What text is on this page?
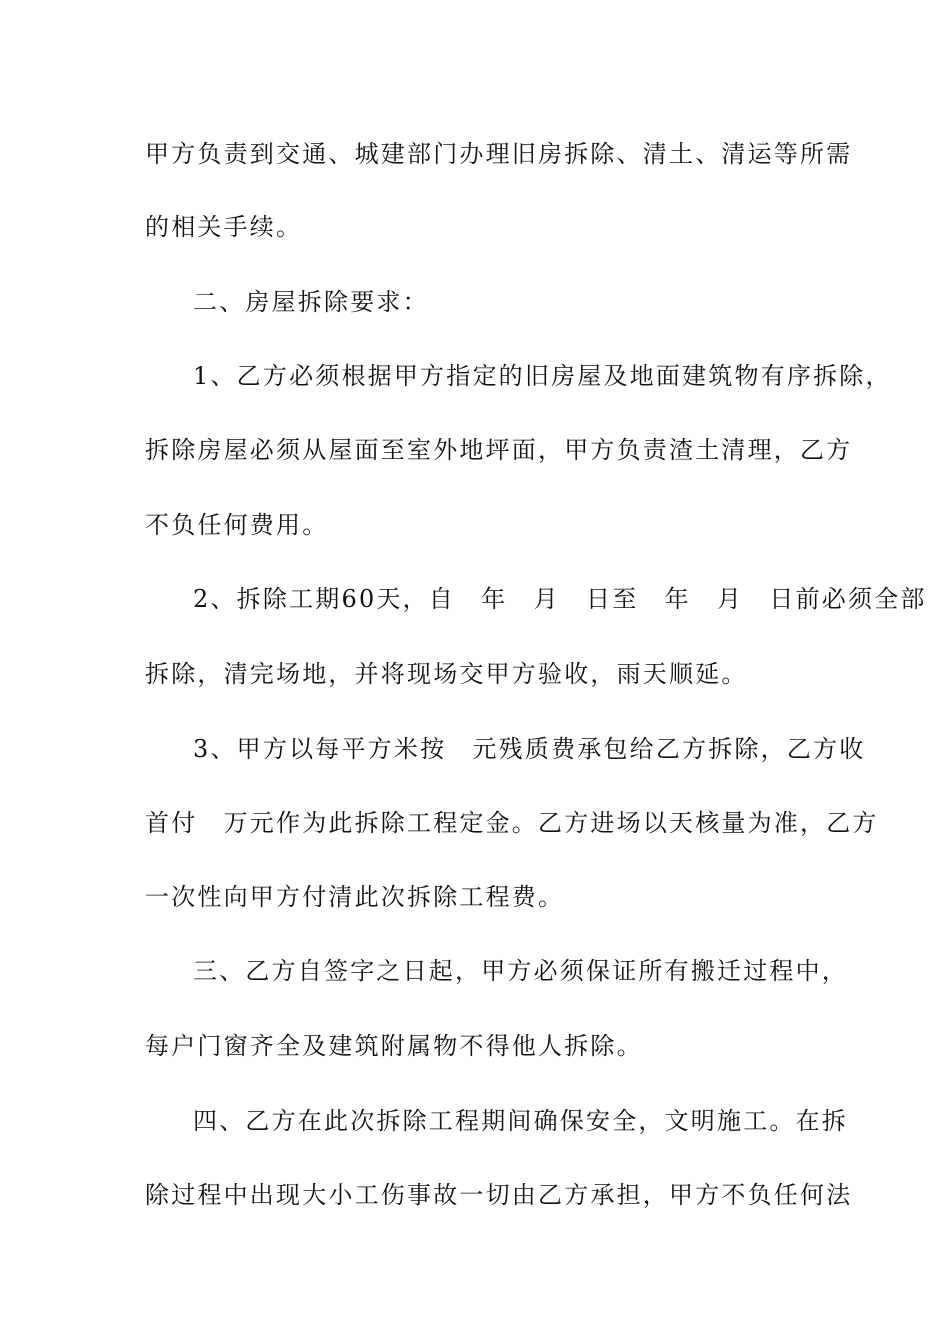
甲方负责到交通、城建部门办理旧房拆除、清土、清运等所需
的相关手续。
二、房屋拆除要求：
1、乙方必须根据甲方指定的旧房屋及地面建筑物有序拆除，
拆除房屋必须从屋面至室外地坪面，甲方负责渣土清理，乙方
不负任何费用。
2、拆除工期60天，自　年　月　日至　年　月　日前必须全部
拆除，清完场地，并将现场交甲方验收，雨天顺延。
3、甲方以每平方米按　元残质费承包给乙方拆除，乙方收
首付　万元作为此拆除工程定金。乙方进场以天核量为准，乙方
一次性向甲方付清此次拆除工程费。
三、乙方自签字之日起，甲方必须保证所有搬迁过程中，
每户门窗齐全及建筑附属物不得他人拆除。
四、乙方在此次拆除工程期间确保安全，文明施工。在拆
除过程中出现大小工伤事故一切由乙方承担，甲方不负任何法
